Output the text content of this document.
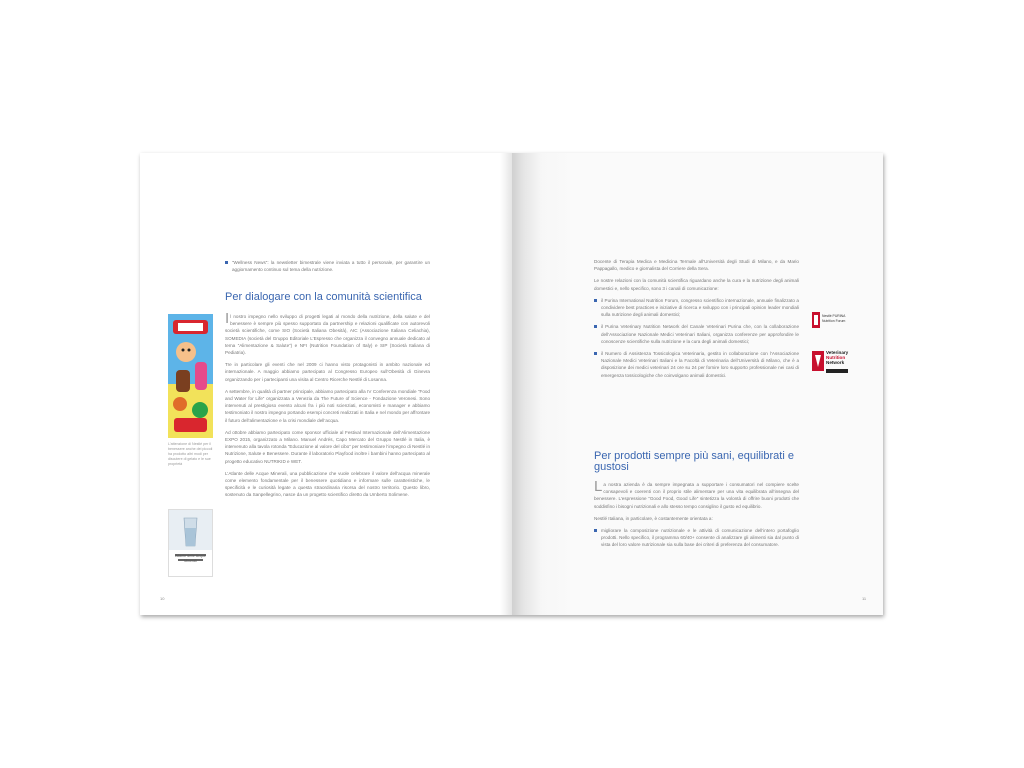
“Wellness News”: la newsletter bimestrale viene inviata a tutto il personale, per garantire un aggiornamento continuo sul tema della nutrizione.
Per dialogare con la comunità scientifica
L’attenzione di Nestlé per il benessere anche dei piccoli ha prodotto altri modi per discutere di gelato e le sue proprietà

Il nostro impegno nello sviluppo di progetti legati al mondo della nutrizione, della salute e del benessere è sempre più spesso supportato da partnership e relazioni qualificate con autorevoli società scientifiche, come SIO (Società Italiana Obesità), AIC (Associazione Italiana Celiachia), SOMEDIA (società del Gruppo Editoriale L’Espresso che organizza il convegno annuale dedicato al tema “Alimentazione & Salute”) e NFI (Nutrition Foundation of Italy) e SIP (Società Italiana di Pediatria).

Tre in particolare gli eventi che nel 2009 ci hanno visto protagonisti in ambito nazionale ed internazionale. A maggio abbiamo partecipato al Congresso Europeo sull’Obesità di Ginevra organizzando per i partecipanti una visita al Centro Ricerche Nestlé di Losanna.

A settembre, in qualità di partner principale, abbiamo partecipato alla IV Conferenza mondiale “Food and Water for Life” organizzata a Venezia da The Future of Science - Fondazione Veronesi. Sono intervenuti al prestigioso evento alcuni fra i più noti scienziati, economisti e manager e abbiamo testimoniato il nostro impegno portando esempi concreti realizzati in Italia e nel mondo per affrontare il futuro dell’alimentazione e la crisi mondiale dell’acqua.

Ad ottobre abbiamo partecipato come sponsor ufficiale al Festival Internazionale dell’Alimentazione EXPO 2015, organizzato a Milano. Manuel Andrés, Capo Mercato del Gruppo Nestlé in Italia, è intervenuto alla tavola rotonda “Educazione al valore del cibo” per testimoniare l’impegno di Nestlé in Nutrizione, Salute e Benessere. Durante il laboratorio Playfood inoltre i bambini hanno partecipato al progetto educativo NUTRIKID e WET.

L’Atlante delle Acque Minerali, una pubblicazione che vuole celebrare il valore dell’acqua minerale come elemento fondamentale per il benessere quotidiano e informare sulle caratteristiche, le specificità e le curiosità legate a questa straordinaria risorsa del nostro territorio. Questo libro, sostenuto da Sanpellegrino, nasce da un progetto scientifico diretto da Umberto Solimene.

Atlante delle Acque Minerali
10

Docente di Terapia Medica e Medicina Termale all’Università degli Studi di Milano, e da Mario Pappagallo, medico e giornalista del Corriere della Sera.

Le nostre relazioni con la comunità scientifica riguardano anche la cura e la nutrizione degli animali domestici e, nello specifico, sono 3 i canali di comunicazione:

il Purina International Nutrition Forum, congresso scientifico internazionale, annuale finalizzato a condividere best practices e iniziative di ricerca e sviluppo con i principali opinion leader mondiali sulla nutrizione degli animali domestici;
il Purina Veterinary Nutrition Network del Canale Veterinari Purina che, con la collaborazione dell’Associazione Nazionale Medici Veterinari Italiani, organizza conferenze per approfondire le conoscenze scientifiche sulla nutrizione e la cura degli animali domestici;
il Numero di Assistenza Tossicologica Veterinaria, gestito in collaborazione con l’Associazione Nazionale Medici Veterinari Italiani e la Facoltà di Veterinaria dell’Università di Milano, che è a disposizione dei medici veterinari 24 ore su 24 per fornire loro supporto professionale nei casi di emergenza tossicologiche che coinvolgano animali domestici.
Nestlé PURINA Nutrition Forum
Veterinary
Nutrition
Network
Per prodotti sempre più sani, equilibrati e gustosi

La nostra azienda è da sempre impegnata a supportare i consumatori nel compiere scelte consapevoli e coerenti con il proprio stile alimentare per una vita equilibrata all’insegna del benessere. L’espressione “Good Food, Good Life” sintetizza la volontà di offrire buoni prodotti che soddisfino i bisogni nutrizionali e allo stesso tempo consiglino il gusto ed equilibrio.

Nestlé Italiana, in particolare, è costantemente orientata a:

migliorare la composizione nutrizionale e le attività di comunicazione dell’intero portafoglio prodotti. Nello specifico, il programma 60/40+ consente di analizzare gli alimenti sia dal punto di vista del loro valore nutrizionale sia sulla base dei criteri di preferenza del consumatore.
11
